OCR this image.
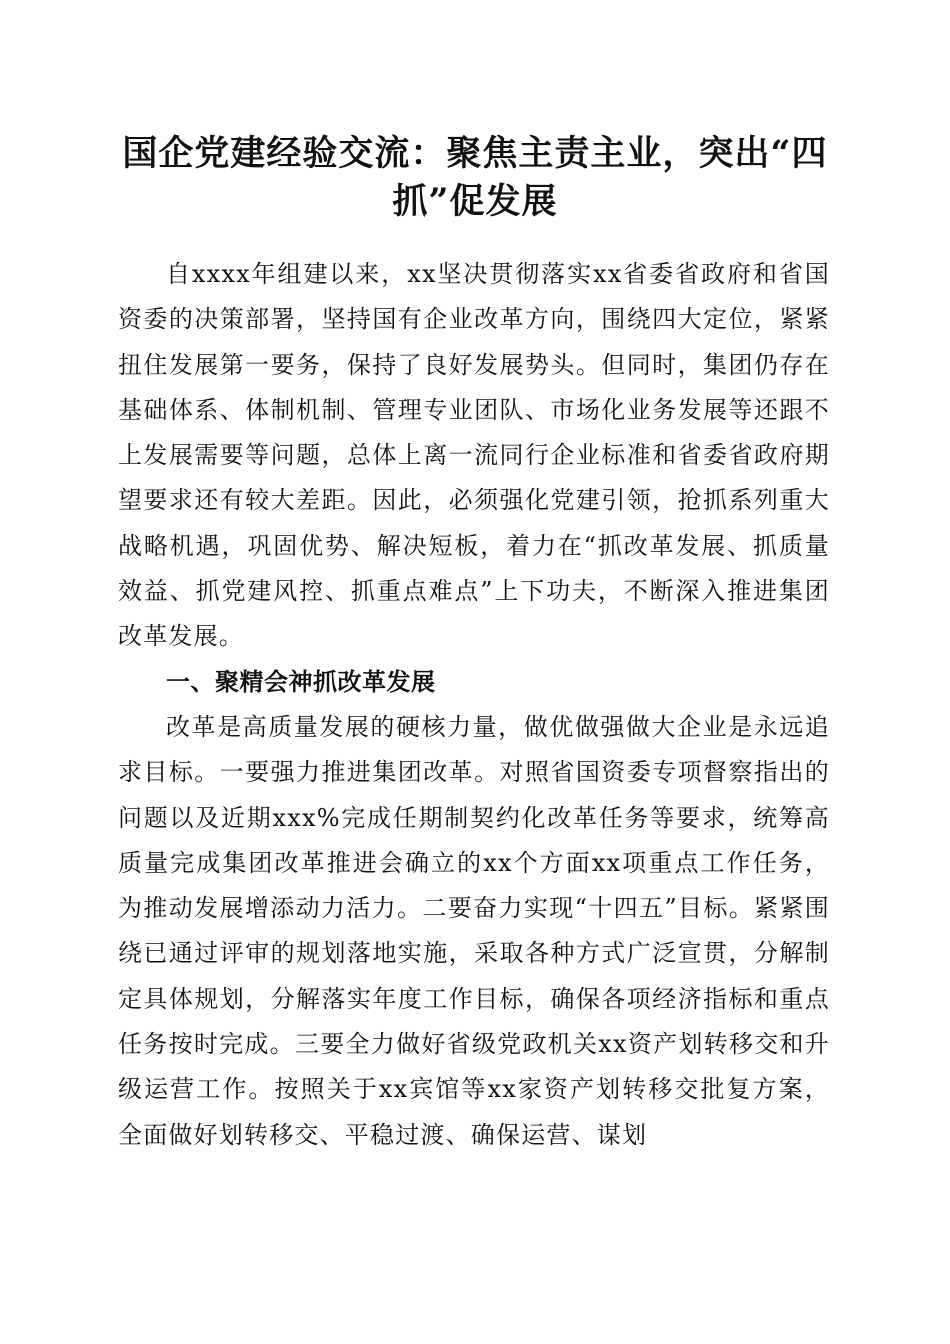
国企党建经验交流：聚焦主责主业，突出“四抓”促发展

自xxxx年组建以来，xx坚决贯彻落实xx省委省政府和省国资委的决策部署，坚持国有企业改革方向，围绕四大定位，紧紧扭住发展第一要务，保持了良好发展势头。但同时，集团仍存在基础体系、体制机制、管理专业团队、市场化业务发展等还跟不上发展需要等问题，总体上离一流同行企业标准和省委省政府期望要求还有较大差距。因此，必须强化党建引领，抢抓系列重大战略机遇，巩固优势、解决短板，着力在“抓改革发展、抓质量效益、抓党建风控、抓重点难点”上下功夫，不断深入推进集团改革发展。

一、聚精会神抓改革发展

改革是高质量发展的硬核力量，做优做强做大企业是永远追求目标。一要强力推进集团改革。对照省国资委专项督察指出的问题以及近期xxx%完成任期制契约化改革任务等要求，统筹高质量完成集团改革推进会确立的xx个方面xx项重点工作任务，为推动发展增添动力活力。二要奋力实现“十四五”目标。紧紧围绕已通过评审的规划落地实施，采取各种方式广泛宣贯，分解制定具体规划，分解落实年度工作目标，确保各项经济指标和重点任务按时完成。三要全力做好省级党政机关xx资产划转移交和升级运营工作。按照关于xx宾馆等xx家资产划转移交批复方案，全面做好划转移交、平稳过渡、确保运营、谋划
